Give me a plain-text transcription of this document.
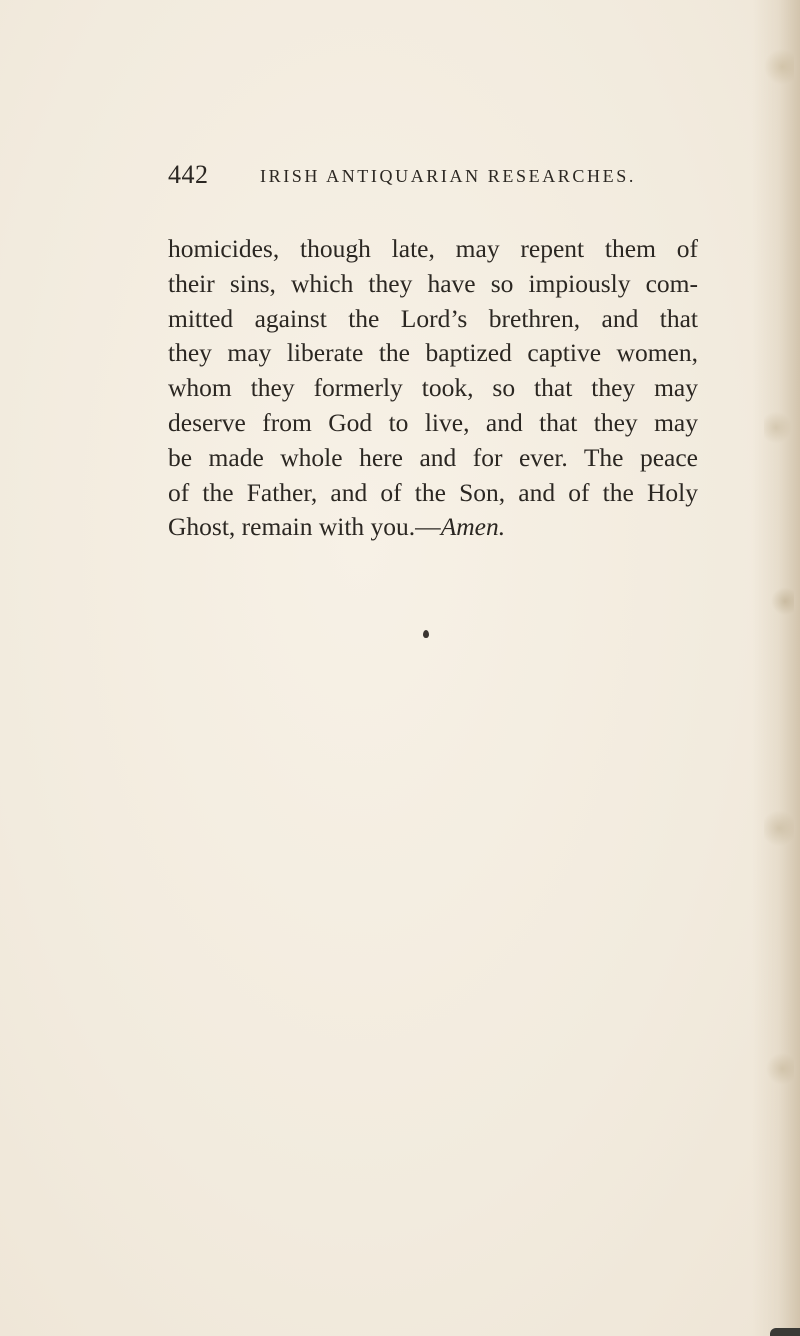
442	IRISH ANTIQUARIAN RESEARCHES.
homicides, though late, may repent them of
their sins, which they have so impiously com-
mitted against the Lord’s brethren, and that
they may liberate the baptized captive women,
whom they formerly took, so that they may
deserve from God to live, and that they may
be made whole here and for ever. The peace
of the Father, and of the Son, and of the Holy
Ghost, remain with you.—Amen.
